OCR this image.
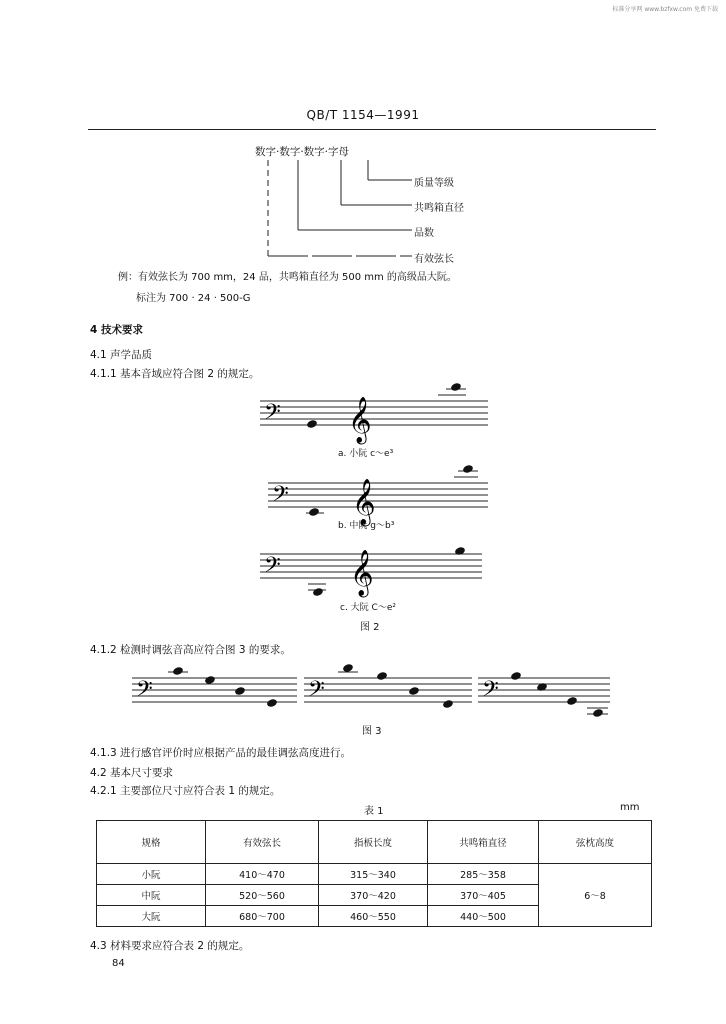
标准分享网 www.bzfxw.com 免费下载
QB/T 1154—1991
数字·数字·数字·字母
质量等级
共鸣箱直径
品数
有效弦长
例：有效弦长为 700 mm，24 品，共鸣箱直径为 500 mm 的高级品大阮。
标注为 700 · 24 · 500-G
4 技术要求
4.1 声学品质
4.1.1 基本音域应符合图 2 的规定。
𝄢 𝄞
a. 小阮 c～e³
𝄢 𝄞
b. 中阮 g～b³
𝄢 𝄞
c. 大阮 C～e²
图 2
4.1.2 检测时调弦音高应符合图 3 的要求。
𝄢	𝄢	𝄢
图 3
4.1.3 进行感官评价时应根据产品的最佳调弦高度进行。
4.2 基本尺寸要求
4.2.1 主要部位尺寸应符合表 1 的规定。
表 1	mm
规格	有效弦长	指板长度	共鸣箱直径	弦枕高度
小阮	410～470	315～340	285～358	6～8
中阮	520～560	370～420	370～405	
大阮	680～700	460～550	440～500	
4.3 材料要求应符合表 2 的规定。
84
